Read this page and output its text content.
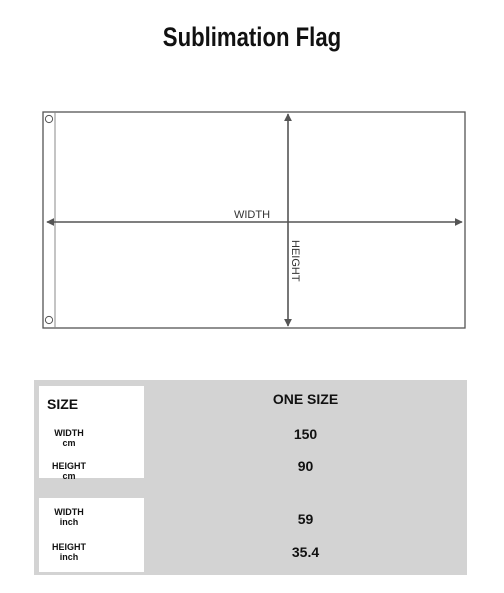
Sublimation Flag
WIDTH
HEIGHT
SIZE
WIDTH
cm
HEIGHT
cm
WIDTH
inch
HEIGHT
inch
ONE SIZE
150
90
59
35.4
